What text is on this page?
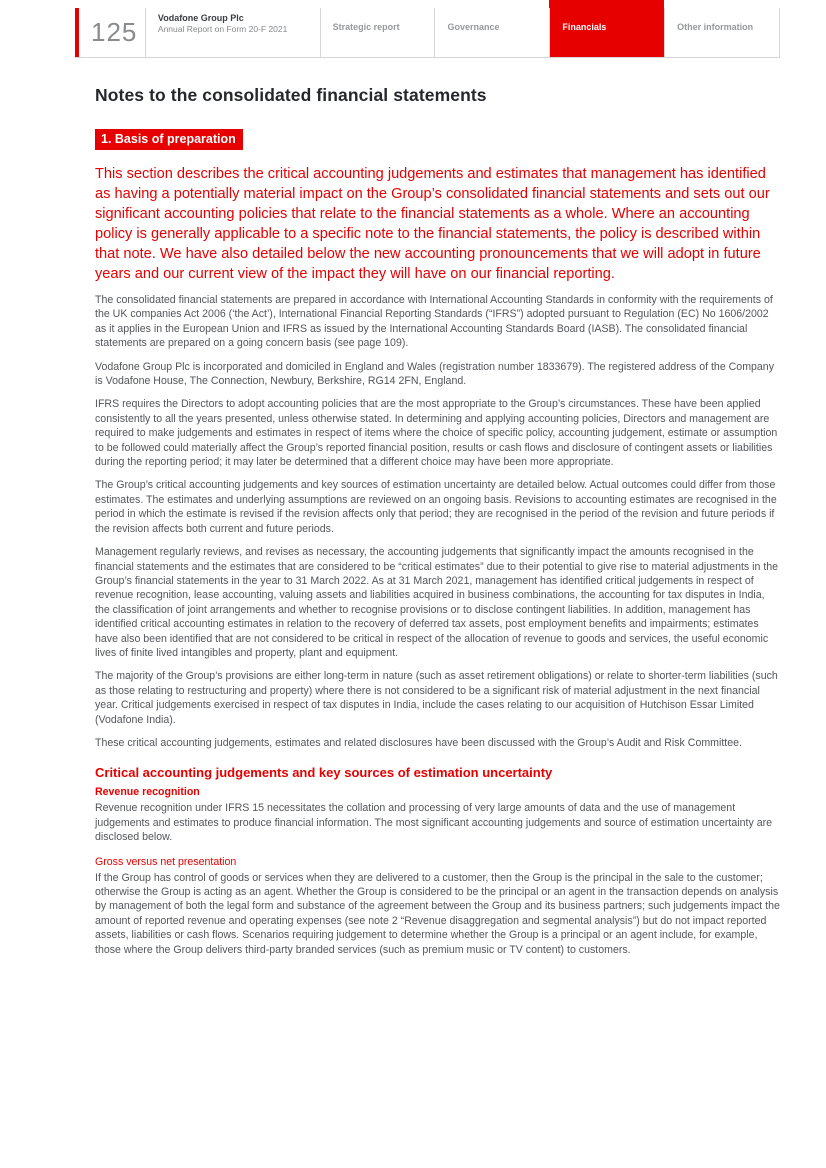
125	Vodafone Group Plc
Annual Report on Form 20-F 2021	Strategic report	Governance	Financials	Other information
Notes to the consolidated financial statements
1. Basis of preparation

This section describes the critical accounting judgements and estimates that management has identified as having a potentially material impact on the Group’s consolidated financial statements and sets out our significant accounting policies that relate to the financial statements as a whole. Where an accounting policy is generally applicable to a specific note to the financial statements, the policy is described within that note. We have also detailed below the new accounting pronouncements that we will adopt in future years and our current view of the impact they will have on our financial reporting.

The consolidated financial statements are prepared in accordance with International Accounting Standards in conformity with the requirements of the UK companies Act 2006 (‘the Act’), International Financial Reporting Standards (“IFRS”) adopted pursuant to Regulation (EC) No 1606/2002 as it applies in the European Union and IFRS as issued by the International Accounting Standards Board (IASB). The consolidated financial statements are prepared on a going concern basis (see page 109).

Vodafone Group Plc is incorporated and domiciled in England and Wales (registration number 1833679). The registered address of the Company is Vodafone House, The Connection, Newbury, Berkshire, RG14 2FN, England.

IFRS requires the Directors to adopt accounting policies that are the most appropriate to the Group’s circumstances. These have been applied consistently to all the years presented, unless otherwise stated. In determining and applying accounting policies, Directors and management are required to make judgements and estimates in respect of items where the choice of specific policy, accounting judgement, estimate or assumption to be followed could materially affect the Group’s reported financial position, results or cash flows and disclosure of contingent assets or liabilities during the reporting period; it may later be determined that a different choice may have been more appropriate.

The Group’s critical accounting judgements and key sources of estimation uncertainty are detailed below. Actual outcomes could differ from those estimates. The estimates and underlying assumptions are reviewed on an ongoing basis. Revisions to accounting estimates are recognised in the period in which the estimate is revised if the revision affects only that period; they are recognised in the period of the revision and future periods if the revision affects both current and future periods.

Management regularly reviews, and revises as necessary, the accounting judgements that significantly impact the amounts recognised in the financial statements and the estimates that are considered to be “critical estimates” due to their potential to give rise to material adjustments in the Group’s financial statements in the year to 31 March 2022. As at 31 March 2021, management has identified critical judgements in respect of revenue recognition, lease accounting, valuing assets and liabilities acquired in business combinations, the accounting for tax disputes in India, the classification of joint arrangements and whether to recognise provisions or to disclose contingent liabilities. In addition, management has identified critical accounting estimates in relation to the recovery of deferred tax assets, post employment benefits and impairments; estimates have also been identified that are not considered to be critical in respect of the allocation of revenue to goods and services, the useful economic lives of finite lived intangibles and property, plant and equipment.

The majority of the Group’s provisions are either long-term in nature (such as asset retirement obligations) or relate to shorter-term liabilities (such as those relating to restructuring and property) where there is not considered to be a significant risk of material adjustment in the next financial year. Critical judgements exercised in respect of tax disputes in India, include the cases relating to our acquisition of Hutchison Essar Limited (Vodafone India).

These critical accounting judgements, estimates and related disclosures have been discussed with the Group’s Audit and Risk Committee.

Critical accounting judgements and key sources of estimation uncertainty
Revenue recognition

Revenue recognition under IFRS 15 necessitates the collation and processing of very large amounts of data and the use of management judgements and estimates to produce financial information. The most significant accounting judgements and source of estimation uncertainty are disclosed below.

Gross versus net presentation

If the Group has control of goods or services when they are delivered to a customer, then the Group is the principal in the sale to the customer; otherwise the Group is acting as an agent. Whether the Group is considered to be the principal or an agent in the transaction depends on analysis by management of both the legal form and substance of the agreement between the Group and its business partners; such judgements impact the amount of reported revenue and operating expenses (see note 2 “Revenue disaggregation and segmental analysis”) but do not impact reported assets, liabilities or cash flows. Scenarios requiring judgement to determine whether the Group is a principal or an agent include, for example, those where the Group delivers third-party branded services (such as premium music or TV content) to customers.
